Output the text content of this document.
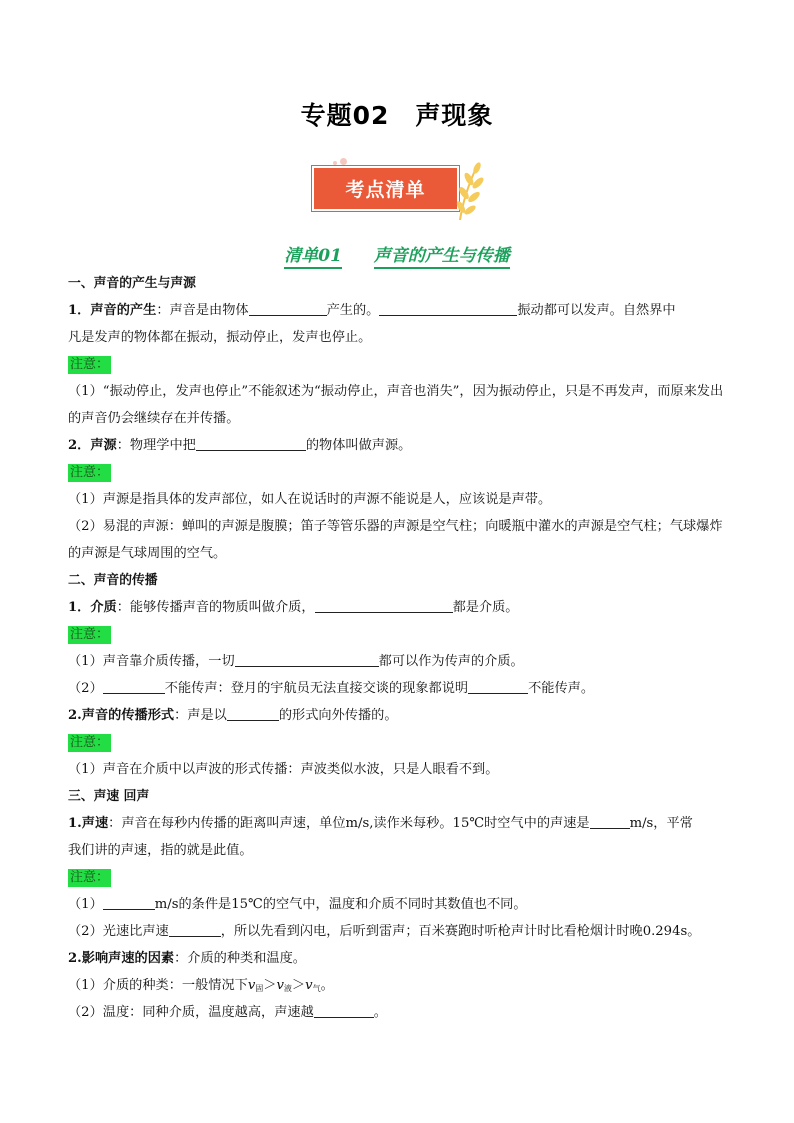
专题02　声现象
考点清单
清单01 声音的产生与传播
一、声音的产生与声源
1．声音的产生：声音是由物体	产生的。	振动都可以发声。自然界中
凡是发声的物体都在振动，振动停止，发声也停止。
注意：
（1）“振动停止，发声也停止”不能叙述为“振动停止，声音也消失”，因为振动停止，只是不再发声，而原来发出的声音仍会继续存在并传播。
2．声源：物理学中把	的物体叫做声源。
注意：
（1）声源是指具体的发声部位，如人在说话时的声源不能说是人，应该说是声带。
（2）易混的声源：蝉叫的声源是腹膜；笛子等管乐器的声源是空气柱；向暖瓶中灌水的声源是空气柱；气球爆炸的声源是气球周围的空气。
二、声音的传播
1．介质：能够传播声音的物质叫做介质，	都是介质。
注意：
（1）声音靠介质传播，一切	都可以作为传声的介质。
（2）	不能传声：登月的宇航员无法直接交谈的现象都说明	不能传声。
2.声音的传播形式：声是以	的形式向外传播的。
注意：
（1）声音在介质中以声波的形式传播：声波类似水波，只是人眼看不到。
三、声速 回声
1.声速：声音在每秒内传播的距离叫声速，单位m/s,读作米每秒。15℃时空气中的声速是	m/s，平常
我们讲的声速，指的就是此值。
注意：
（1）	m/s的条件是15℃的空气中，温度和介质不同时其数值也不同。
（2）光速比声速	，所以先看到闪电，后听到雷声；百米赛跑时听枪声计时比看枪烟计时晚0.294s。
2.影响声速的因素：介质的种类和温度。
（1）介质的种类：一般情况下$v_固>v_液>v_气$。
（2）温度：同种介质，温度越高，声速越	。
